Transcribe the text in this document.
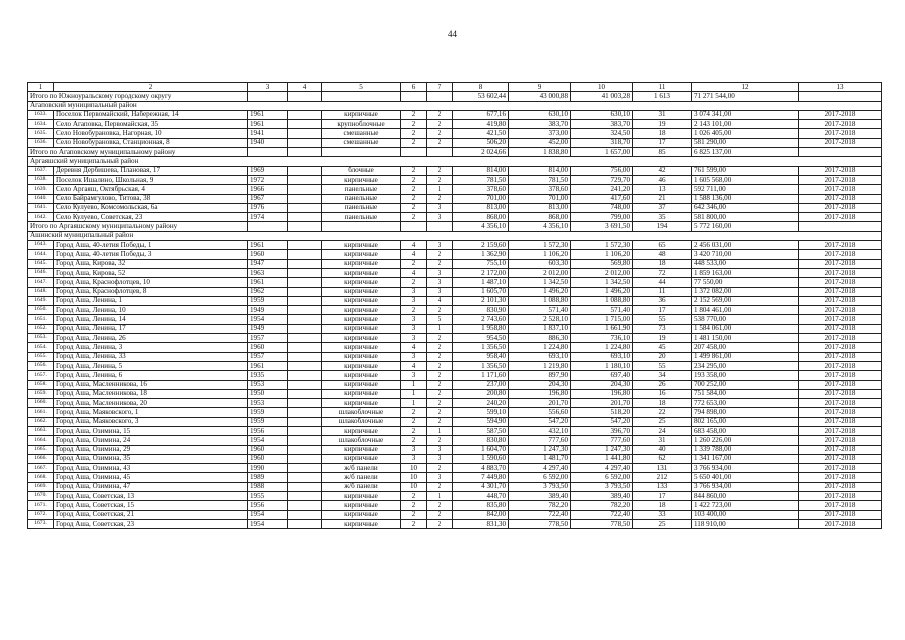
44
1	2	3	4	5	6	7	8	9	10	11	12	13
Итого по Южноуральскому городскому округу							53 602,44	43 000,88	41 003,28	1 613	71 271 544,00	
Агаповский муниципальный район												
1633.	Поселок Первомайский, Набережная, 14	1961		кирпичные	2	2	677,16	630,10	630,10	31	3 074 341,00	2017-2018
1634.	Село Агаповка, Первомайская, 35	1961		крупноблочные	2	2	419,80	383,70	383,70	19	2 143 101,00	2017-2018
1635.	Село Новобурановка, Нагорная, 10	1941		смешанные	2	2	421,50	373,00	324,50	18	1 026 405,00	2017-2018
1636.	Село Новобурановка, Станционная, 8	1940		смешанные	2	2	506,20	452,00	318,70	17	581 290,00	2017-2018
Итого по Агаповскому муниципальному району							2 024,66	1 838,80	1 657,00	85	6 825 137,00	
Аргаяшский муниципальный район												
1637.	Деревня Дербишева, Плановая, 17	1969		блочные	2	2	814,00	814,00	756,00	42	761 599,00	2017-2018
1638.	Поселок Ишалино, Школьная, 9	1972		кирпичные	2	2	781,50	781,50	729,70	46	1 605 568,00	2017-2018
1639.	Село Аргаяш, Октябрьская, 4	1966		панельные	2	1	378,60	378,60	241,20	13	592 711,00	2017-2018
1640.	Село Байрамгулово, Титова, 38	1967		панельные	2	2	701,00	701,00	417,60	21	1 588 136,00	2017-2018
1641.	Село Кулуево, Комсомольская, 6а	1976		панельные	2	3	813,00	813,00	748,00	37	642 346,00	2017-2018
1642.	Село Кулуево, Советская, 23	1974		панельные	2	3	868,00	868,00	799,00	35	581 800,00	2017-2018
Итого по Аргаяшскому муниципальному району							4 356,10	4 356,10	3 691,50	194	5 772 160,00	
Ашинский муниципальный район												
1643.	Город Аша, 40-летия Победы, 1	1961		кирпичные	4	3	2 159,60	1 572,30	1 572,30	65	2 456 031,00	2017-2018
1644.	Город Аша, 40-летия Победы, 3	1960		кирпичные	4	2	1 362,90	1 106,20	1 106,20	48	3 420 710,00	2017-2018
1645.	Город Аша, Кирова, 32	1947		кирпичные	2	2	755,10	603,30	569,80	18	448 533,00	2017-2018
1646.	Город Аша, Кирова, 52	1963		кирпичные	4	3	2 172,00	2 012,00	2 012,00	72	1 859 163,00	2017-2018
1647.	Город Аша, Краснофлотцев, 10	1961		кирпичные	2	3	1 487,10	1 342,50	1 342,50	44	77 550,00	2017-2018
1648.	Город Аша, Краснофлотцев, 8	1962		кирпичные	3	3	1 605,70	1 496,20	1 496,20	11	1 372 082,00	2017-2018
1649.	Город Аша, Ленина, 1	1959		кирпичные	3	4	2 101,30	1 088,80	1 088,80	36	2 152 569,00	2017-2018
1650.	Город Аша, Ленина, 10	1949		кирпичные	2	2	830,90	571,40	571,40	17	1 804 461,00	2017-2018
1651.	Город Аша, Ленина, 14	1954		кирпичные	3	5	2 743,60	2 528,10	1 715,00	55	538 770,00	2017-2018
1652.	Город Аша, Ленина, 17	1949		кирпичные	3	1	1 958,80	1 837,10	1 661,90	73	1 584 061,00	2017-2018
1653.	Город Аша, Ленина, 26	1957		кирпичные	3	2	954,50	886,30	736,10	19	1 481 150,00	2017-2018
1654.	Город Аша, Ленина, 3	1960		кирпичные	4	2	1 356,50	1 224,80	1 224,80	45	207 458,00	2017-2018
1655.	Город Аша, Ленина, 33	1957		кирпичные	3	2	958,40	693,10	693,10	20	1 499 861,00	2017-2018
1656.	Город Аша, Ленина, 5	1961		кирпичные	4	2	1 356,50	1 219,80	1 180,10	55	234 295,00	2017-2018
1657.	Город Аша, Ленина, 6	1935		кирпичные	3	2	1 171,60	897,90	697,40	34	193 358,00	2017-2018
1658.	Город Аша, Масленникова, 16	1953		кирпичные	1	2	237,00	204,30	204,30	26	700 252,00	2017-2018
1659.	Город Аша, Масленникова, 18	1950		кирпичные	1	2	200,80	196,80	196,80	16	751 584,00	2017-2018
1660.	Город Аша, Масленникова, 20	1953		кирпичные	1	2	240,20	201,70	201,70	18	772 653,00	2017-2018
1661.	Город Аша, Маяковского, 1	1959		шлакоблочные	2	2	599,10	556,60	518,20	22	794 898,00	2017-2018
1662.	Город Аша, Маяковского, 3	1959		шлакоблочные	2	2	594,90	547,20	547,20	25	802 165,00	2017-2018
1663.	Город Аша, Озимина, 15	1956		кирпичные	2	1	587,50	432,10	396,70	24	683 458,00	2017-2018
1664.	Город Аша, Озимина, 24	1954		шлакоблочные	2	2	830,80	777,60	777,60	31	1 260 226,00	2017-2018
1665.	Город Аша, Озимина, 29	1960		кирпичные	3	3	1 604,70	1 247,30	1 247,30	40	1 339 788,00	2017-2018
1666.	Город Аша, Озимина, 35	1960		кирпичные	3	3	1 590,60	1 481,70	1 441,80	62	1 341 167,00	2017-2018
1667.	Город Аша, Озимина, 43	1990		ж/б панели	10	2	4 883,70	4 297,40	4 297,40	131	3 766 934,00	2017-2018
1668.	Город Аша, Озимина, 45	1989		ж/б панели	10	3	7 449,80	6 592,00	6 592,00	212	5 650 401,00	2017-2018
1669.	Город Аша, Озимина, 47	1988		ж/б панели	10	2	4 301,70	3 793,50	3 793,50	133	3 766 934,00	2017-2018
1670.	Город Аша, Советская, 13	1955		кирпичные	2	1	448,70	389,40	389,40	17	844 860,00	2017-2018
1671.	Город Аша, Советская, 15	1956		кирпичные	2	2	835,80	782,20	782,20	18	1 422 723,00	2017-2018
1672.	Город Аша, Советская, 21	1954		кирпичные	2	2	842,00	722,40	722,40	33	103 400,00	2017-2018
1673.	Город Аша, Советская, 23	1954		кирпичные	2	2	831,30	778,50	778,50	25	118 910,00	2017-2018
